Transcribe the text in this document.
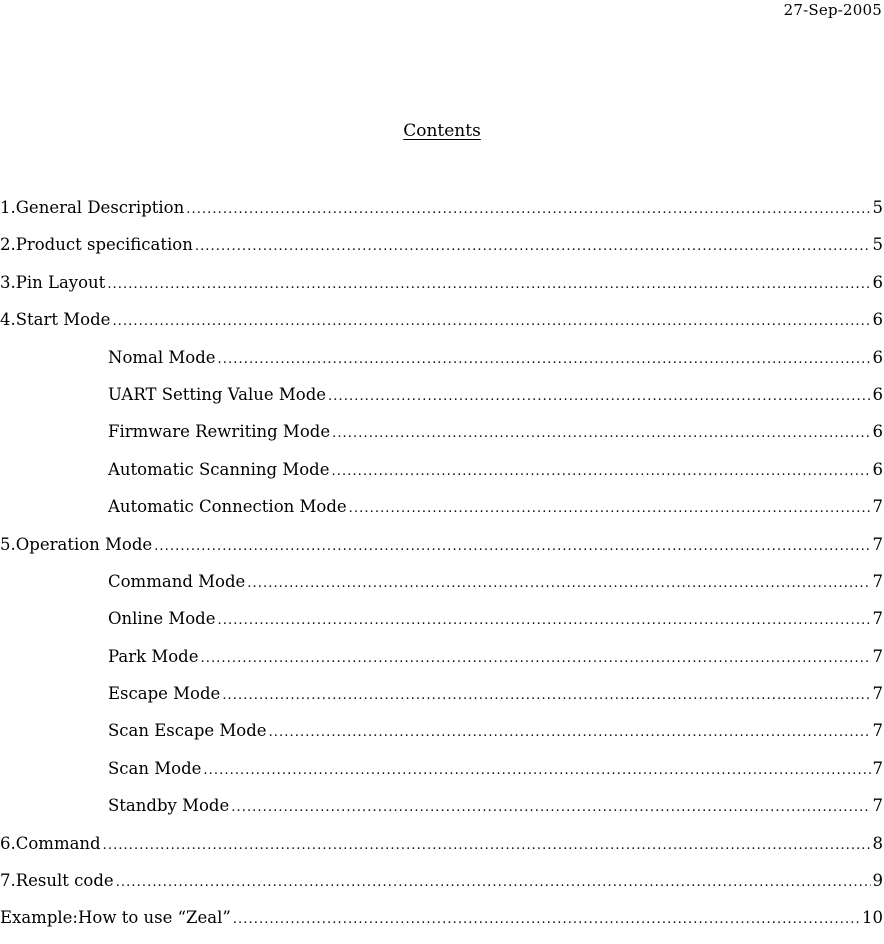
27-Sep-2005
Contents
1.General Description .....	5
2.Product specification .....	5
3.Pin Layout .....	6
4.Start Mode .....	6
Nomal Mode .....	6
UART Setting Value Mode .....	6
Firmware Rewriting Mode .....	6
Automatic Scanning Mode .....	6
Automatic Connection Mode .....	7
5.Operation Mode .....	7
Command Mode .....	7
Online Mode .....	7
Park Mode .....	7
Escape Mode .....	7
Scan Escape Mode .....	7
Scan Mode .....	7
Standby Mode .....	7
6.Command .....	8
7.Result code .....	9
Example:How to use “Zeal” .....	10
